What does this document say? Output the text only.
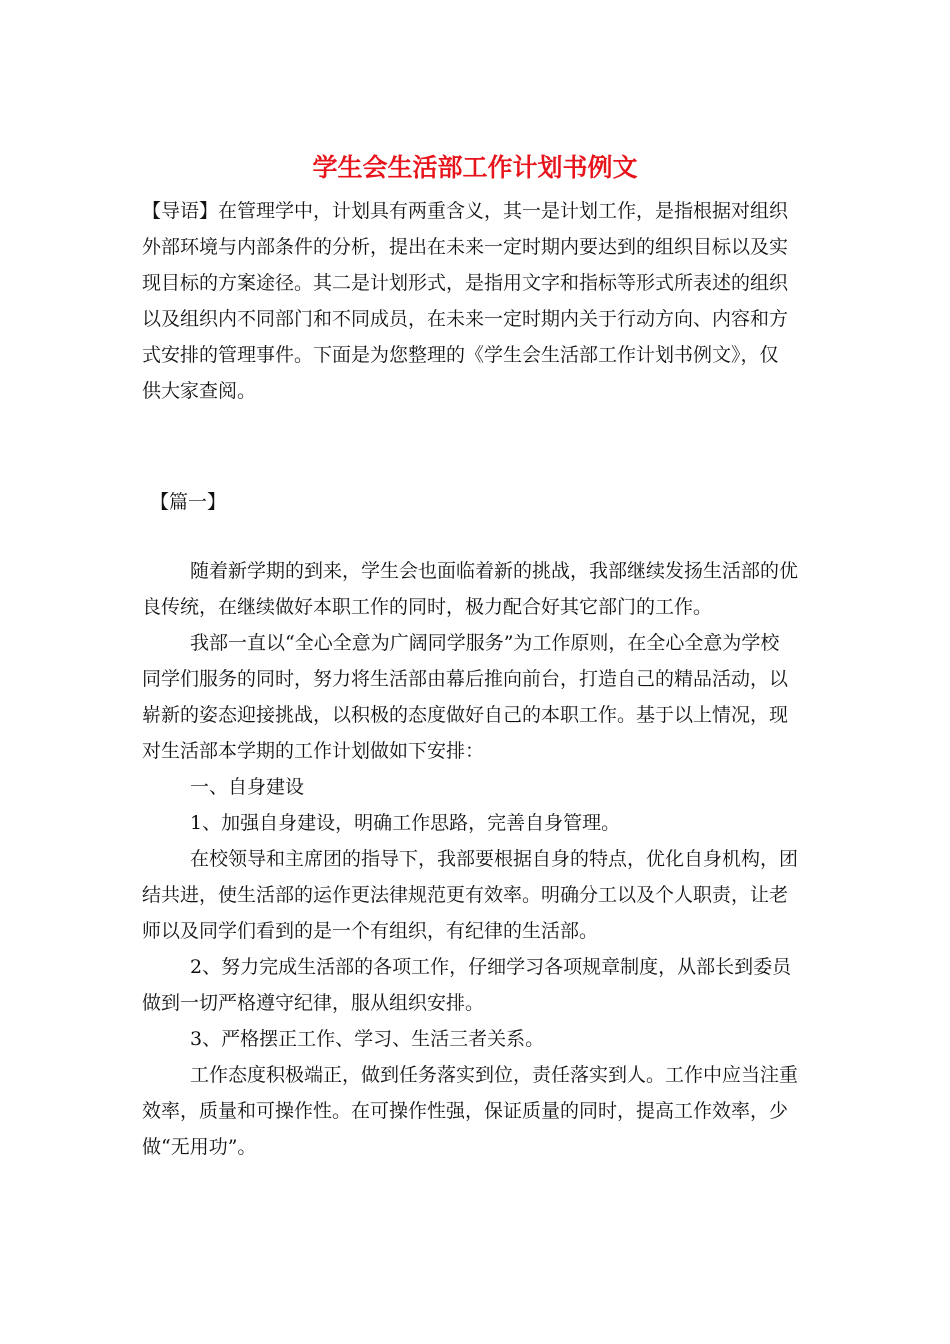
学生会生活部工作计划书例文
【导语】在管理学中，计划具有两重含义，其一是计划工作，是指根据对组织
外部环境与内部条件的分析，提出在未来一定时期内要达到的组织目标以及实
现目标的方案途径。其二是计划形式，是指用文字和指标等形式所表述的组织
以及组织内不同部门和不同成员，在未来一定时期内关于行动方向、内容和方
式安排的管理事件。下面是为您整理的《学生会生活部工作计划书例文》，仅
供大家查阅。
【篇一】
随着新学期的到来，学生会也面临着新的挑战，我部继续发扬生活部的优
良传统，在继续做好本职工作的同时，极力配合好其它部门的工作。
我部一直以“全心全意为广阔同学服务”为工作原则，在全心全意为学校
同学们服务的同时，努力将生活部由幕后推向前台，打造自己的精品活动，以
崭新的姿态迎接挑战，以积极的态度做好自己的本职工作。基于以上情况，现
对生活部本学期的工作计划做如下安排：
一、自身建设
1、加强自身建设，明确工作思路，完善自身管理。
在校领导和主席团的指导下，我部要根据自身的特点，优化自身机构，团
结共进，使生活部的运作更法律规范更有效率。明确分工以及个人职责，让老
师以及同学们看到的是一个有组织，有纪律的生活部。
2、努力完成生活部的各项工作，仔细学习各项规章制度，从部长到委员
做到一切严格遵守纪律，服从组织安排。
3、严格摆正工作、学习、生活三者关系。
工作态度积极端正，做到任务落实到位，责任落实到人。工作中应当注重
效率，质量和可操作性。在可操作性强，保证质量的同时，提高工作效率，少
做“无用功”。
